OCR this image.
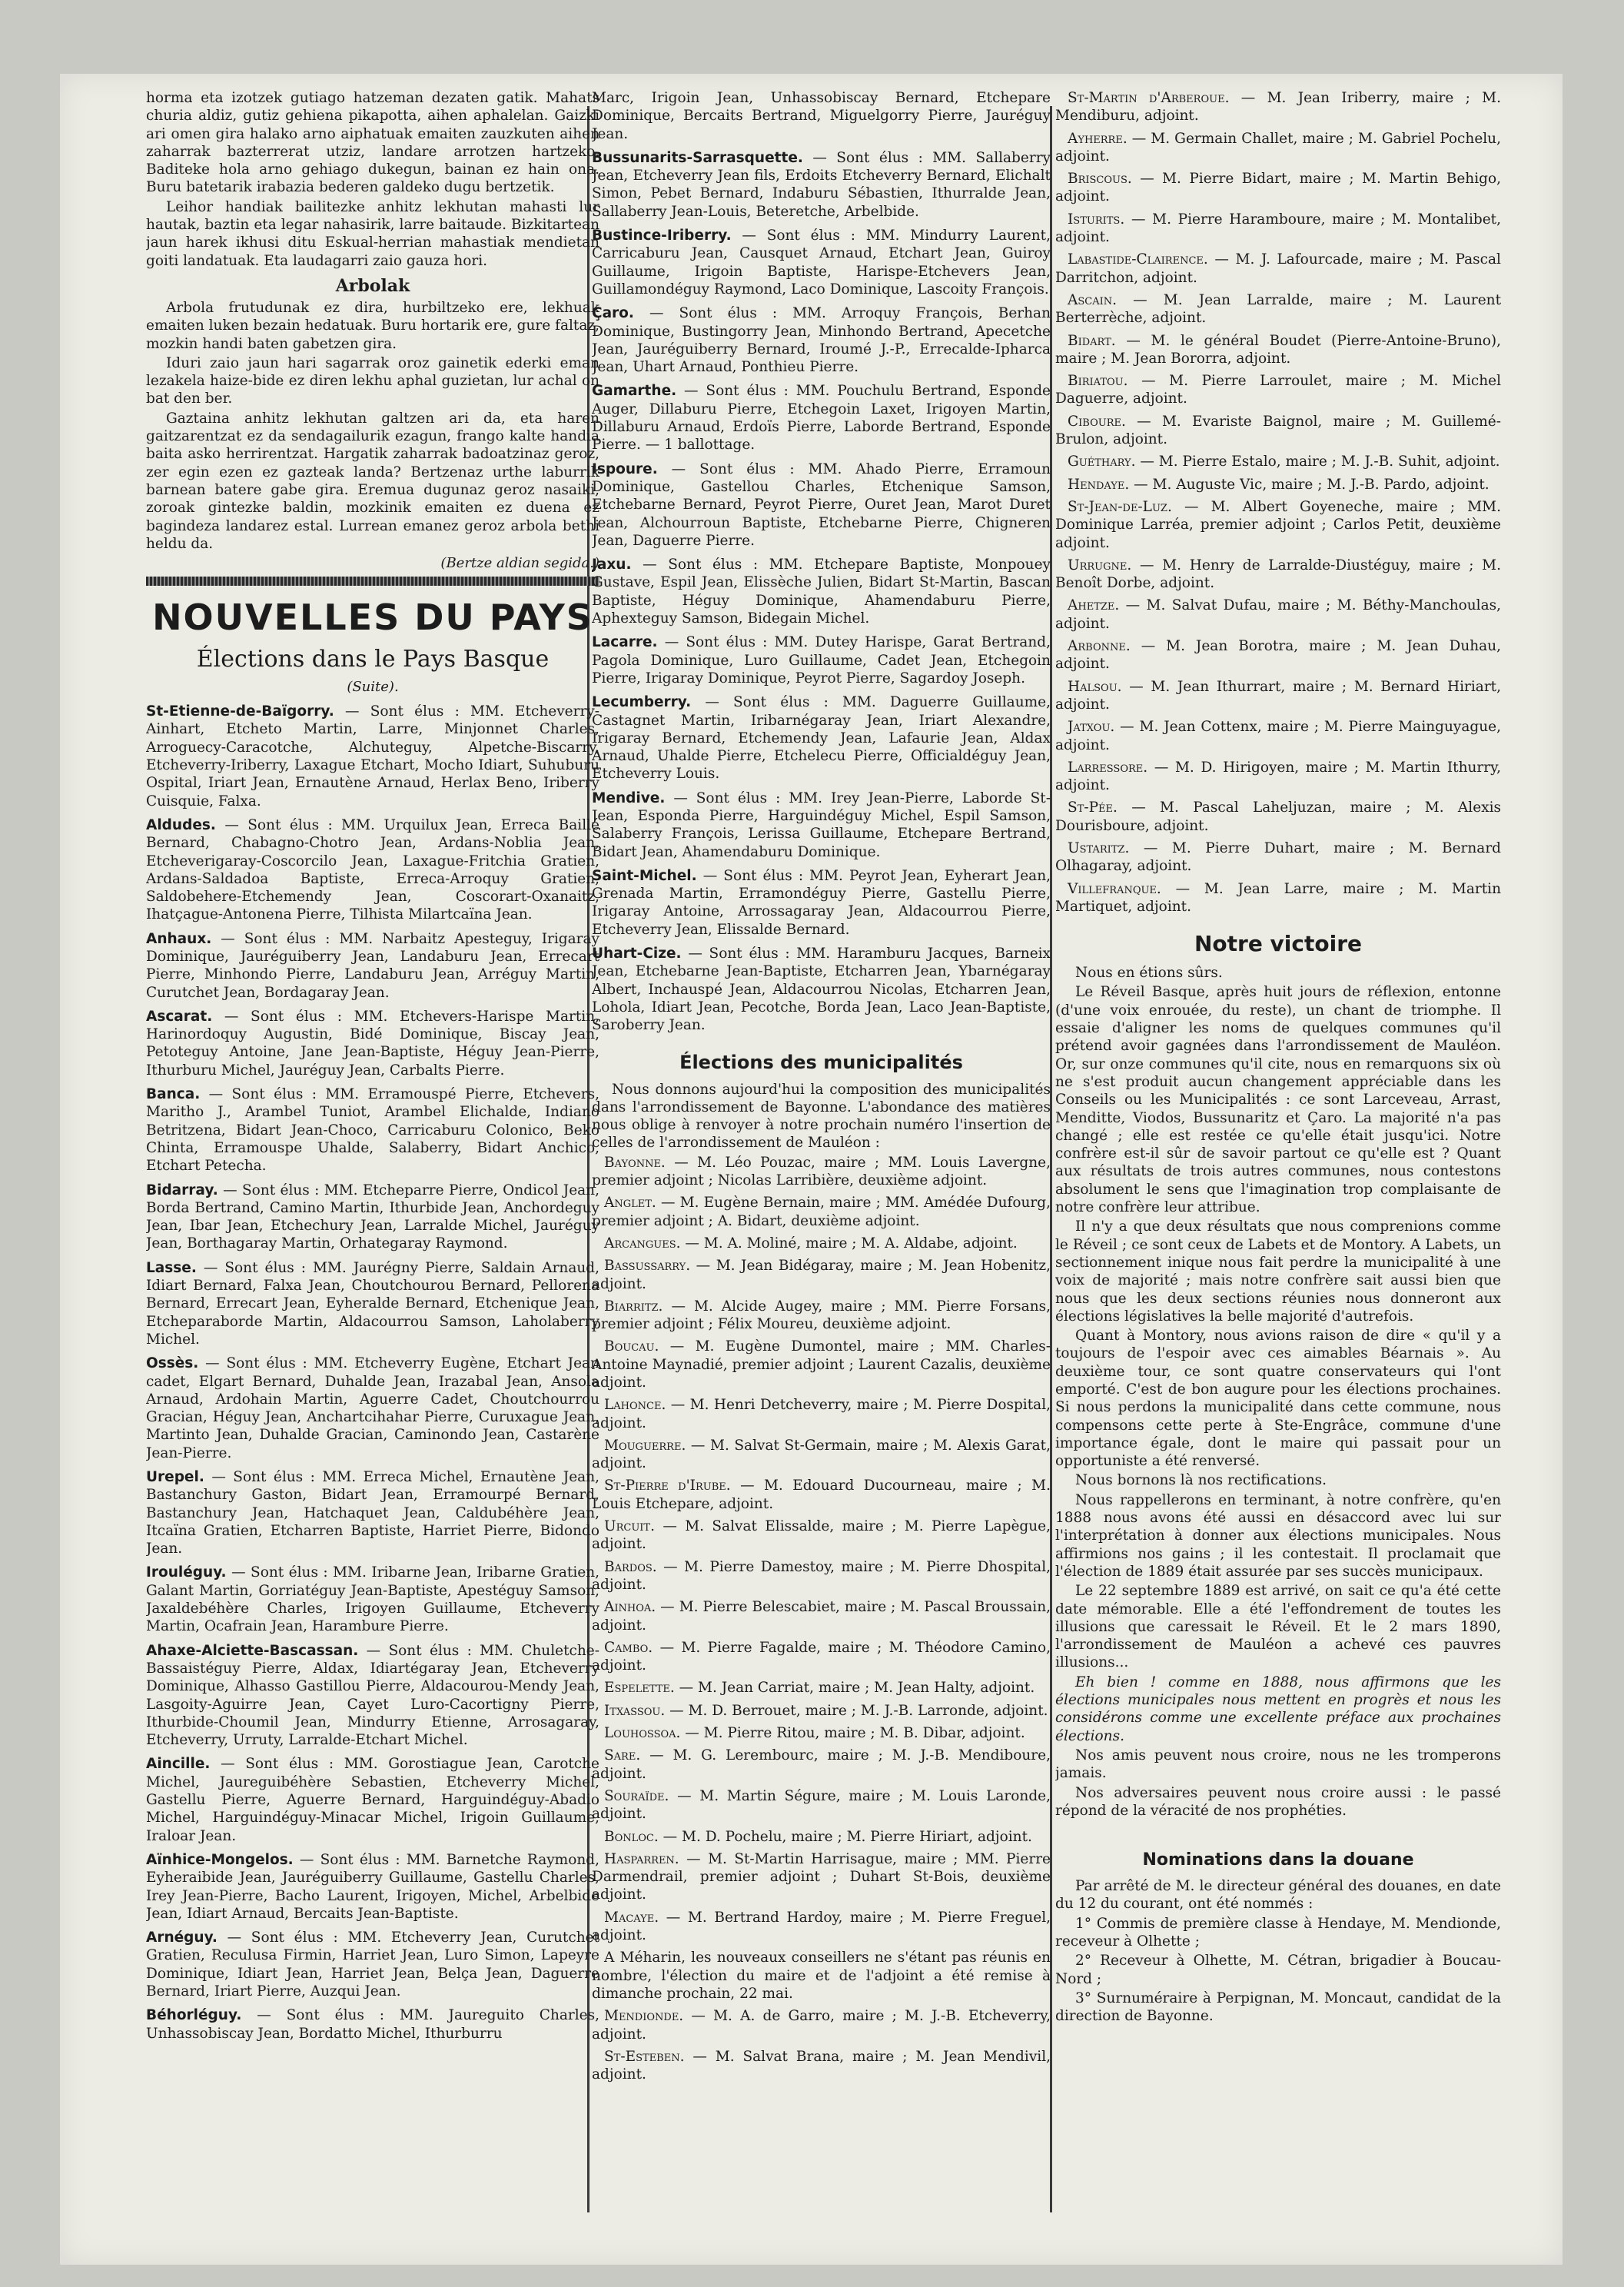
horma eta izotzek gutiago hatzeman dezaten gatik. Mahats churia aldiz, gutiz gehiena pikapotta, aihen aphalelan. Gaizki ari omen gira halako arno aiphatuak emaiten zauzkuten aihen zaharrak bazterrerat utziz, landare arrotzen hartzeko. Baditeke hola arno gehiago dukegun, bainan ez hain ona. Buru batetarik irabazia bederen galdeko dugu bertzetik.

Leihor handiak bailitezke anhitz lekhutan mahasti lur hautak, baztin eta legar nahasirik, larre baitaude. Bizkitartean jaun harek ikhusi ditu Eskual-herrian mahastiak mendietan goiti landatuak. Eta laudagarri zaio gauza hori.

Arbolak

Arbola frutudunak ez dira, hurbiltzeko ere, lekhuak emaiten luken bezain hedatuak. Buru hortarik ere, gure faltaz, mozkin handi baten gabetzen gira.

Iduri zaio jaun hari sagarrak oroz gainetik ederki eman lezakela haize-bide ez diren lekhu aphal guzietan, lur achal on bat den ber.

Gaztaina anhitz lekhutan galtzen ari da, eta haren gaitzarentzat ez da sendagailurik ezagun, frango kalte handia baita asko herrirentzat. Hargatik zaharrak badoatzinaz geroz, zer egin ezen ez gazteak landa? Bertzenaz urthe laburrik barnean batere gabe gira. Eremua dugunaz geroz nasaiki, zoroak gintezke baldin, mozkinik emaiten ez duena ez bagindeza landarez estal. Lurrean emanez geroz arbola bethi heldu da.

(Bertze aldian segida.)
NOUVELLES DU PAYS
Élections dans le Pays Basque
(Suite).

St-Etienne-de-Baïgorry. — Sont élus : MM. Etcheverry-Ainhart, Etcheto Martin, Larre, Minjonnet Charles, Arroguecy-Caracotche, Alchuteguy, Alpetche-Biscarry, Etcheverry-Iriberry, Laxague Etchart, Mocho Idiart, Suhuburu Ospital, Iriart Jean, Ernautène Arnaud, Herlax Beno, Iriberry Cuisquie, Falxa.

Aldudes. — Sont élus : MM. Urquilux Jean, Erreca Baillé Bernard, Chabagno-Chotro Jean, Ardans-Noblia Jean, Etcheverigaray-Coscorcilo Jean, Laxague-Fritchia Gratien, Ardans-Saldadoa Baptiste, Erreca-Arroquy Gratien, Saldobehere-Etchemendy Jean, Coscorart-Oxanaitz, Ihatçague-Antonena Pierre, Tilhista Milartcaïna Jean.

Anhaux. — Sont élus : MM. Narbaitz Apesteguy, Irigaray Dominique, Jauréguiberry Jean, Landaburu Jean, Errecart Pierre, Minhondo Pierre, Landaburu Jean, Arréguy Martin, Curutchet Jean, Bordagaray Jean.

Ascarat. — Sont élus : MM. Etchevers-Harispe Martin, Harinordoquy Augustin, Bidé Dominique, Biscay Jean, Petoteguy Antoine, Jane Jean-Baptiste, Héguy Jean-Pierre, Ithurburu Michel, Jauréguy Jean, Carbalts Pierre.

Banca. — Sont élus : MM. Erramouspé Pierre, Etchevers, Maritho J., Arambel Tuniot, Arambel Elichalde, Indiano Betritzena, Bidart Jean-Choco, Carricaburu Colonico, Beko Chinta, Erramouspe Uhalde, Salaberry, Bidart Anchico, Etchart Petecha.

Bidarray. — Sont élus : MM. Etcheparre Pierre, Ondicol Jean, Borda Bertrand, Camino Martin, Ithurbide Jean, Anchordeguy Jean, Ibar Jean, Etchechury Jean, Larralde Michel, Jauréguy Jean, Borthagaray Martin, Orhategaray Raymond.

Lasse. — Sont élus : MM. Jaurégny Pierre, Saldain Arnaud, Idiart Bernard, Falxa Jean, Choutchourou Bernard, Pellorena Bernard, Errecart Jean, Eyheralde Bernard, Etchenique Jean, Etcheparaborde Martin, Aldacourrou Samson, Laholaberry Michel.

Ossès. — Sont élus : MM. Etcheverry Eugène, Etchart Jean cadet, Elgart Bernard, Duhalde Jean, Irazabal Jean, Ansola Arnaud, Ardohain Martin, Aguerre Cadet, Choutchourrou Gracian, Héguy Jean, Anchartcihahar Pierre, Curuxague Jean, Martinto Jean, Duhalde Gracian, Caminondo Jean, Castarène Jean-Pierre.

Urepel. — Sont élus : MM. Erreca Michel, Ernautène Jean, Bastanchury Gaston, Bidart Jean, Erramourpé Bernard, Bastanchury Jean, Hatchaquet Jean, Caldubéhère Jean, Itcaïna Gratien, Etcharren Baptiste, Harriet Pierre, Bidondo Jean.

Irouléguy. — Sont élus : MM. Iribarne Jean, Iribarne Gratien, Galant Martin, Gorriatéguy Jean-Baptiste, Apestéguy Samson, Jaxaldebéhère Charles, Irigoyen Guillaume, Etcheverry Martin, Ocafrain Jean, Harambure Pierre.

Ahaxe-Alciette-Bascassan. — Sont élus : MM. Chuletche-Bassaistéguy Pierre, Aldax, Idiartégaray Jean, Etcheverry Dominique, Alhasso Gastillou Pierre, Aldacourou-Mendy Jean, Lasgoity-Aguirre Jean, Cayet Luro-Cacortigny Pierre, Ithurbide-Choumil Jean, Mindurry Etienne, Arrosagaray, Etcheverry, Urruty, Larralde-Etchart Michel.

Aincille. — Sont élus : MM. Gorostiague Jean, Carotche Michel, Jaureguibéhère Sebastien, Etcheverry Michel, Gastellu Pierre, Aguerre Bernard, Harguindéguy-Abadio Michel, Harguindéguy-Minacar Michel, Irigoin Guillaume, Iraloar Jean.

Aïnhice-Mongelos. — Sont élus : MM. Barnetche Raymond, Eyheraibide Jean, Jauréguiberry Guillaume, Gastellu Charles, Irey Jean-Pierre, Bacho Laurent, Irigoyen, Michel, Arbelbide Jean, Idiart Arnaud, Bercaits Jean-Baptiste.

Arnéguy. — Sont élus : MM. Etcheverry Jean, Curutchet Gratien, Reculusa Firmin, Harriet Jean, Luro Simon, Lapeyre Dominique, Idiart Jean, Harriet Jean, Belça Jean, Daguerre Bernard, Iriart Pierre, Auzqui Jean.

Béhorléguy. — Sont élus : MM. Jaureguito Charles, Unhassobiscay Jean, Bordatto Michel, Ithurburru

Marc, Irigoin Jean, Unhassobiscay Bernard, Etchepare Dominique, Bercaits Bertrand, Miguelgorry Pierre, Jauréguy Jean.

Bussunarits-Sarrasquette. — Sont élus : MM. Sallaberry Jean, Etcheverry Jean fils, Erdoits Etcheverry Bernard, Elichalt Simon, Pebet Bernard, Indaburu Sébastien, Ithurralde Jean, Sallaberry Jean-Louis, Beteretche, Arbelbide.

Bustince-Iriberry. — Sont élus : MM. Mindurry Laurent, Carricaburu Jean, Causquet Arnaud, Etchart Jean, Guiroy Guillaume, Irigoin Baptiste, Harispe-Etchevers Jean, Guillamondéguy Raymond, Laco Dominique, Lascoity François.

Çaro. — Sont élus : MM. Arroquy François, Berhan Dominique, Bustingorry Jean, Minhondo Bertrand, Apecetche Jean, Jauréguiberry Bernard, Iroumé J.-P., Errecalde-Ipharca Jean, Uhart Arnaud, Ponthieu Pierre.

Gamarthe. — Sont élus : MM. Pouchulu Bertrand, Esponde Auger, Dillaburu Pierre, Etchegoin Laxet, Irigoyen Martin, Dillaburu Arnaud, Erdoïs Pierre, Laborde Bertrand, Esponde Pierre. — 1 ballottage.

Ispoure. — Sont élus : MM. Ahado Pierre, Erramoun Dominique, Gastellou Charles, Etchenique Samson, Etchebarne Bernard, Peyrot Pierre, Ouret Jean, Marot Duret Jean, Alchourroun Baptiste, Etchebarne Pierre, Chigneren Jean, Daguerre Pierre.

Jaxu. — Sont élus : MM. Etchepare Baptiste, Monpouey Gustave, Espil Jean, Elissèche Julien, Bidart St-Martin, Bascan Baptiste, Héguy Dominique, Ahamendaburu Pierre, Aphexteguy Samson, Bidegain Michel.

Lacarre. — Sont élus : MM. Dutey Harispe, Garat Bertrand, Pagola Dominique, Luro Guillaume, Cadet Jean, Etchegoin Pierre, Irigaray Dominique, Peyrot Pierre, Sagardoy Joseph.

Lecumberry. — Sont élus : MM. Daguerre Guillaume, Castagnet Martin, Iribarnégaray Jean, Iriart Alexandre, Irigaray Bernard, Etchemendy Jean, Lafaurie Jean, Aldax Arnaud, Uhalde Pierre, Etchelecu Pierre, Officialdéguy Jean, Etcheverry Louis.

Mendive. — Sont élus : MM. Irey Jean-Pierre, Laborde St-Jean, Esponda Pierre, Harguindéguy Michel, Espil Samson, Salaberry François, Lerissa Guillaume, Etchepare Bertrand, Bidart Jean, Ahamendaburu Dominique.

Saint-Michel. — Sont élus : MM. Peyrot Jean, Eyherart Jean, Grenada Martin, Erramondéguy Pierre, Gastellu Pierre, Irigaray Antoine, Arrossagaray Jean, Aldacourrou Pierre, Etcheverry Jean, Elissalde Bernard.

Uhart-Cize. — Sont élus : MM. Haramburu Jacques, Barneix Jean, Etchebarne Jean-Baptiste, Etcharren Jean, Ybarnégaray Albert, Inchauspé Jean, Aldacourrou Nicolas, Etcharren Jean, Lohola, Idiart Jean, Pecotche, Borda Jean, Laco Jean-Baptiste, Saroberry Jean.

Élections des municipalités

Nous donnons aujourd'hui la composition des municipalités dans l'arrondissement de Bayonne. L'abondance des matières nous oblige à renvoyer à notre prochain numéro l'insertion de celles de l'arrondissement de Mauléon :

Bayonne. — M. Léo Pouzac, maire ; MM. Louis Lavergne, premier adjoint ; Nicolas Larribière, deuxième adjoint.

Anglet. — M. Eugène Bernain, maire ; MM. Amédée Dufourg, premier adjoint ; A. Bidart, deuxième adjoint.

Arcangues. — M. A. Moliné, maire ; M. A. Aldabe, adjoint.

Bassussarry. — M. Jean Bidégaray, maire ; M. Jean Hobenitz, adjoint.

Biarritz. — M. Alcide Augey, maire ; MM. Pierre Forsans, premier adjoint ; Félix Moureu, deuxième adjoint.

Boucau. — M. Eugène Dumontel, maire ; MM. Charles-Antoine Maynadié, premier adjoint ; Laurent Cazalis, deuxième adjoint.

Lahonce. — M. Henri Detcheverry, maire ; M. Pierre Dospital, adjoint.

Mouguerre. — M. Salvat St-Germain, maire ; M. Alexis Garat, adjoint.

St-Pierre d'Irube. — M. Edouard Ducourneau, maire ; M. Louis Etchepare, adjoint.

Urcuit. — M. Salvat Elissalde, maire ; M. Pierre Lapègue, adjoint.

Bardos. — M. Pierre Damestoy, maire ; M. Pierre Dhospital, adjoint.

Ainhoa. — M. Pierre Belescabiet, maire ; M. Pascal Broussain, adjoint.

Cambo. — M. Pierre Fagalde, maire ; M. Théodore Camino, adjoint.

Espelette. — M. Jean Carriat, maire ; M. Jean Halty, adjoint.

Itxassou. — M. D. Berrouet, maire ; M. J.-B. Larronde, adjoint.

Louhossoa. — M. Pierre Ritou, maire ; M. B. Dibar, adjoint.

Sare. — M. G. Lerembourc, maire ; M. J.-B. Mendiboure, adjoint.

Souraïde. — M. Martin Ségure, maire ; M. Louis Laronde, adjoint.

Bonloc. — M. D. Pochelu, maire ; M. Pierre Hiriart, adjoint.

Hasparren. — M. St-Martin Harrisague, maire ; MM. Pierre Darmendrail, premier adjoint ; Duhart St-Bois, deuxième adjoint.

Macaye. — M. Bertrand Hardoy, maire ; M. Pierre Freguel, adjoint.

A Méharin, les nouveaux conseillers ne s'étant pas réunis en nombre, l'élection du maire et de l'adjoint a été remise à dimanche prochain, 22 mai.

Mendionde. — M. A. de Garro, maire ; M. J.-B. Etcheverry, adjoint.

St-Esteben. — M. Salvat Brana, maire ; M. Jean Mendivil, adjoint.

St-Martin d'Arberoue. — M. Jean Iriberry, maire ; M. Mendiburu, adjoint.

Ayherre. — M. Germain Challet, maire ; M. Gabriel Pochelu, adjoint.

Briscous. — M. Pierre Bidart, maire ; M. Martin Behigo, adjoint.

Isturits. — M. Pierre Haramboure, maire ; M. Montalibet, adjoint.

Labastide-Clairence. — M. J. Lafourcade, maire ; M. Pascal Darritchon, adjoint.

Ascain. — M. Jean Larralde, maire ; M. Laurent Berterrèche, adjoint.

Bidart. — M. le général Boudet (Pierre-Antoine-Bruno), maire ; M. Jean Bororra, adjoint.

Biriatou. — M. Pierre Larroulet, maire ; M. Michel Daguerre, adjoint.

Ciboure. — M. Evariste Baignol, maire ; M. Guillemé-Brulon, adjoint.

Guéthary. — M. Pierre Estalo, maire ; M. J.-B. Suhit, adjoint.

Hendaye. — M. Auguste Vic, maire ; M. J.-B. Pardo, adjoint.

St-Jean-de-Luz. — M. Albert Goyeneche, maire ; MM. Dominique Larréa, premier adjoint ; Carlos Petit, deuxième adjoint.

Urrugne. — M. Henry de Larralde-Diustéguy, maire ; M. Benoît Dorbe, adjoint.

Ahetze. — M. Salvat Dufau, maire ; M. Béthy-Manchoulas, adjoint.

Arbonne. — M. Jean Borotra, maire ; M. Jean Duhau, adjoint.

Halsou. — M. Jean Ithurrart, maire ; M. Bernard Hiriart, adjoint.

Jatxou. — M. Jean Cottenx, maire ; M. Pierre Mainguyague, adjoint.

Larressore. — M. D. Hirigoyen, maire ; M. Martin Ithurry, adjoint.

St-Pée. — M. Pascal Laheljuzan, maire ; M. Alexis Dourisboure, adjoint.

Ustaritz. — M. Pierre Duhart, maire ; M. Bernard Olhagaray, adjoint.

Villefranque. — M. Jean Larre, maire ; M. Martin Martiquet, adjoint.

Notre victoire

Nous en étions sûrs.

Le Réveil Basque, après huit jours de réflexion, entonne (d'une voix enrouée, du reste), un chant de triomphe. Il essaie d'aligner les noms de quelques communes qu'il prétend avoir gagnées dans l'arrondissement de Mauléon. Or, sur onze communes qu'il cite, nous en remarquons six où ne s'est produit aucun changement appréciable dans les Conseils ou les Municipalités : ce sont Larceveau, Arrast, Menditte, Viodos, Bussunaritz et Çaro. La majorité n'a pas changé ; elle est restée ce qu'elle était jusqu'ici. Notre confrère est-il sûr de savoir partout ce qu'elle est ? Quant aux résultats de trois autres communes, nous contestons absolument le sens que l'imagination trop complaisante de notre confrère leur attribue.

Il n'y a que deux résultats que nous comprenions comme le Réveil ; ce sont ceux de Labets et de Montory. A Labets, un sectionnement inique nous fait perdre la municipalité à une voix de majorité ; mais notre confrère sait aussi bien que nous que les deux sections réunies nous donneront aux élections législatives la belle majorité d'autrefois.

Quant à Montory, nous avions raison de dire « qu'il y a toujours de l'espoir avec ces aimables Béarnais ». Au deuxième tour, ce sont quatre conservateurs qui l'ont emporté. C'est de bon augure pour les élections prochaines. Si nous perdons la municipalité dans cette commune, nous compensons cette perte à Ste-Engrâce, commune d'une importance égale, dont le maire qui passait pour un opportuniste a été renversé.

Nous bornons là nos rectifications.

Nous rappellerons en terminant, à notre confrère, qu'en 1888 nous avons été aussi en désaccord avec lui sur l'interprétation à donner aux élections municipales. Nous affirmions nos gains ; il les contestait. Il proclamait que l'élection de 1889 était assurée par ses succès municipaux.

Le 22 septembre 1889 est arrivé, on sait ce qu'a été cette date mémorable. Elle a été l'effondrement de toutes les illusions que caressait le Réveil. Et le 2 mars 1890, l'arrondissement de Mauléon a achevé ces pauvres illusions...

Eh bien ! comme en 1888, nous affirmons que les élections municipales nous mettent en progrès et nous les considérons comme une excellente préface aux prochaines élections.

Nos amis peuvent nous croire, nous ne les tromperons jamais.

Nos adversaires peuvent nous croire aussi : le passé répond de la véracité de nos prophéties.

Nominations dans la douane

Par arrêté de M. le directeur général des douanes, en date du 12 du courant, ont été nommés :

1° Commis de première classe à Hendaye, M. Mendionde, receveur à Olhette ;

2° Receveur à Olhette, M. Cétran, brigadier à Boucau-Nord ;

3° Surnuméraire à Perpignan, M. Moncaut, candidat de la direction de Bayonne.
